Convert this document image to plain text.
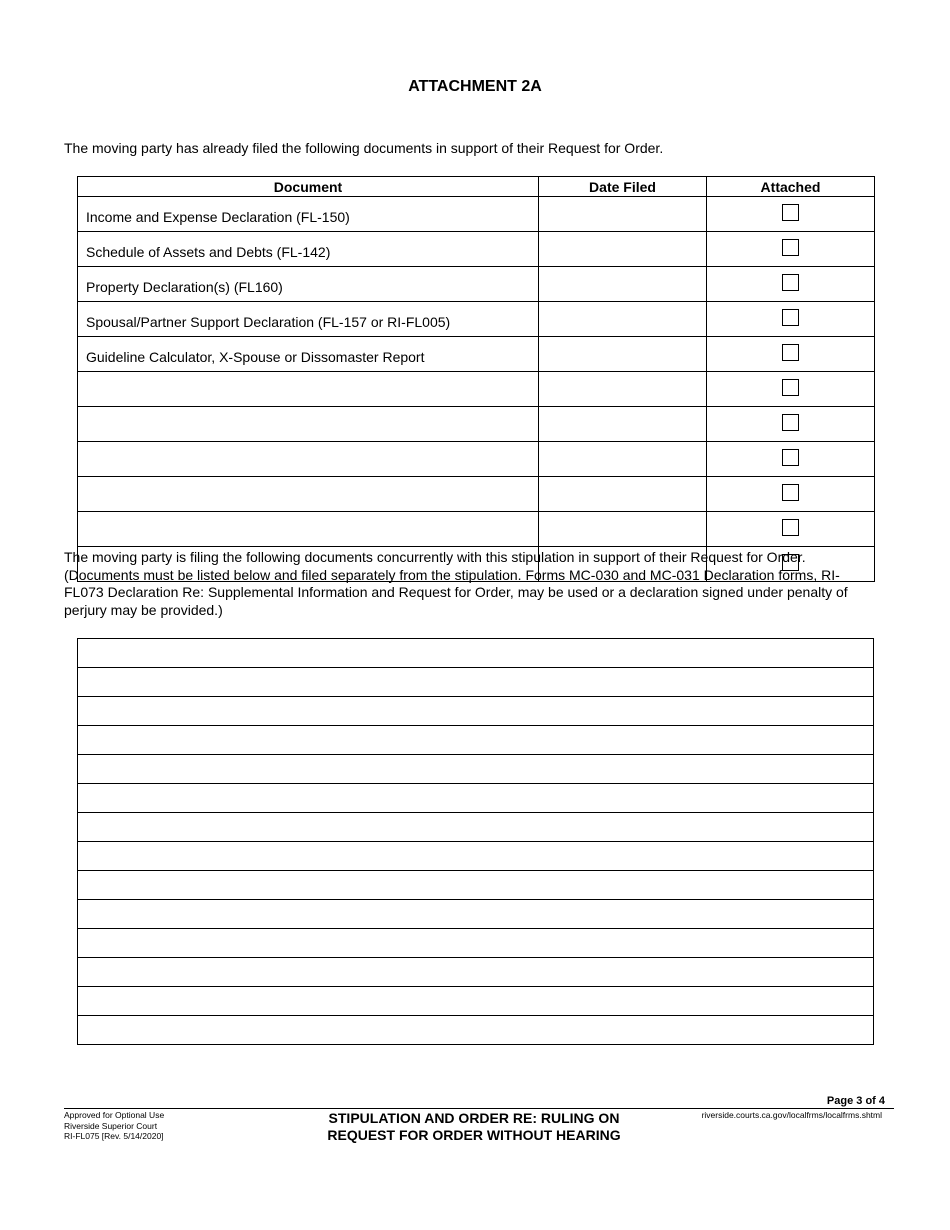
ATTACHMENT 2A
The moving party has already filed the following documents in support of their Request for Order.
Document	Date Filed	Attached
Income and Expense Declaration (FL-150)		
Schedule of Assets and Debts (FL-142)		
Property Declaration(s) (FL160)		
Spousal/Partner Support Declaration (FL-157 or RI-FL005)		
Guideline Calculator, X-Spouse or Dissomaster Report		

The moving party is filing the following documents concurrently with this stipulation in support of their Request for Order. (Documents must be listed below and filed separately from the stipulation. Forms MC-030 and MC-031 Declaration forms, RI-FL073 Declaration Re: Supplemental Information and Request for Order, may be used or a declaration signed under penalty of perjury may be provided.)

Page 3 of 4
Approved for Optional Use
Riverside Superior Court
RI-FL075 [Rev. 5/14/2020]
STIPULATION AND ORDER RE: RULING ON
REQUEST FOR ORDER WITHOUT HEARING
riverside.courts.ca.gov/localfrms/localfrms.shtml
